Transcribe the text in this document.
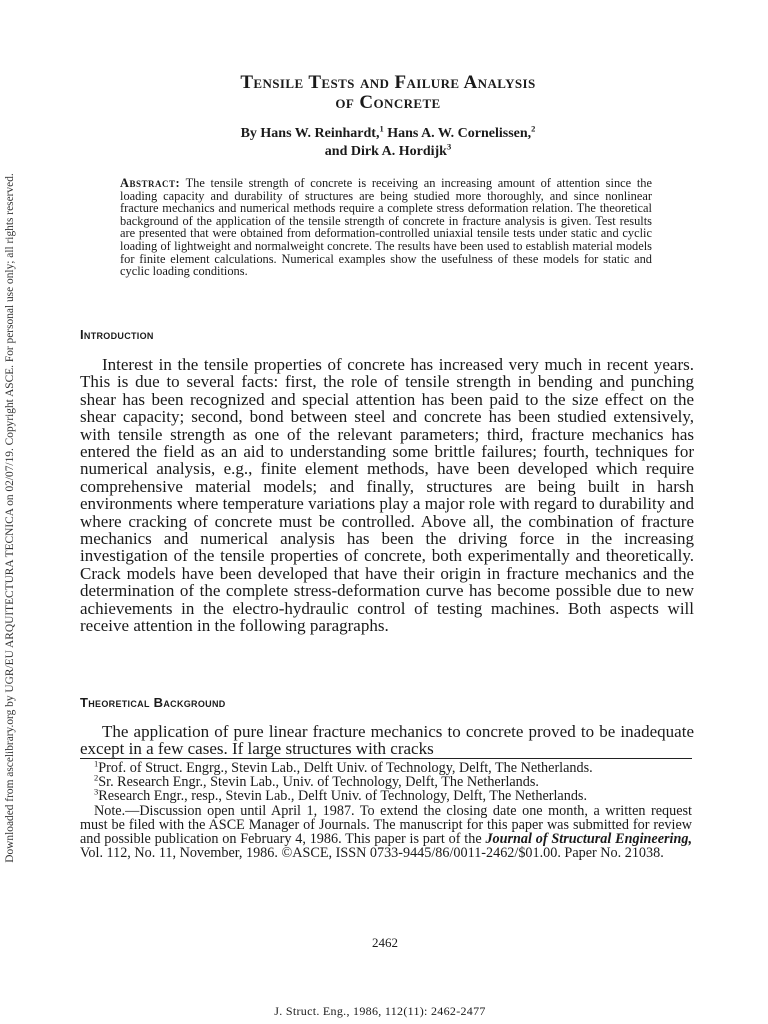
Downloaded from ascelibrary.org by UGR/EU ARQUITECTURA TECNICA on 02/07/19. Copyright ASCE. For personal use only; all rights reserved.
Tensile Tests and Failure Analysis
of Concrete
By Hans W. Reinhardt,$^1$ Hans A. W. Cornelissen,$^2$
and Dirk A. Hordijk$^3$
Abstract: The tensile strength of concrete is receiving an increasing amount of attention since the loading capacity and durability of structures are being studied more thoroughly, and since nonlinear fracture mechanics and numerical methods require a complete stress deformation relation. The theoretical background of the application of the tensile strength of concrete in fracture analysis is given. Test results are presented that were obtained from deformation-controlled uniaxial tensile tests under static and cyclic loading of lightweight and normalweight concrete. The results have been used to establish material models for finite element calculations. Numerical examples show the usefulness of these models for static and cyclic loading conditions.
Introduction

Interest in the tensile properties of concrete has increased very much in recent years. This is due to several facts: first, the role of tensile strength in bending and punching shear has been recognized and special attention has been paid to the size effect on the shear capacity; second, bond between steel and concrete has been studied extensively, with tensile strength as one of the relevant parameters; third, fracture mechanics has entered the field as an aid to understanding some brittle failures; fourth, techniques for numerical analysis, e.g., finite element methods, have been developed which require comprehensive material models; and finally, structures are being built in harsh environments where temperature variations play a major role with regard to durability and where cracking of concrete must be controlled. Above all, the combination of fracture mechanics and numerical analysis has been the driving force in the increasing investigation of the tensile properties of concrete, both experimentally and theoretically. Crack models have been developed that have their origin in fracture mechanics and the determination of the complete stress-deformation curve has become possible due to new achievements in the electro-hydraulic control of testing machines. Both aspects will receive attention in the following paragraphs.

Theoretical Background

The application of pure linear fracture mechanics to concrete proved to be inadequate except in a few cases. If large structures with cracks

$^1$Prof. of Struct. Engrg., Stevin Lab., Delft Univ. of Technology, Delft, The Netherlands.

$^2$Sr. Research Engr., Stevin Lab., Univ. of Technology, Delft, The Netherlands.

$^3$Research Engr., resp., Stevin Lab., Delft Univ. of Technology, Delft, The Netherlands.

Note.—Discussion open until April 1, 1987. To extend the closing date one month, a written request must be filed with the ASCE Manager of Journals. The manuscript for this paper was submitted for review and possible publication on February 4, 1986. This paper is part of the Journal of Structural Engineering, Vol. 112, No. 11, November, 1986. ©ASCE, ISSN 0733-9445/86/0011-2462/$01.00. Paper No. 21038.

2462
J. Struct. Eng., 1986, 112(11): 2462-2477
